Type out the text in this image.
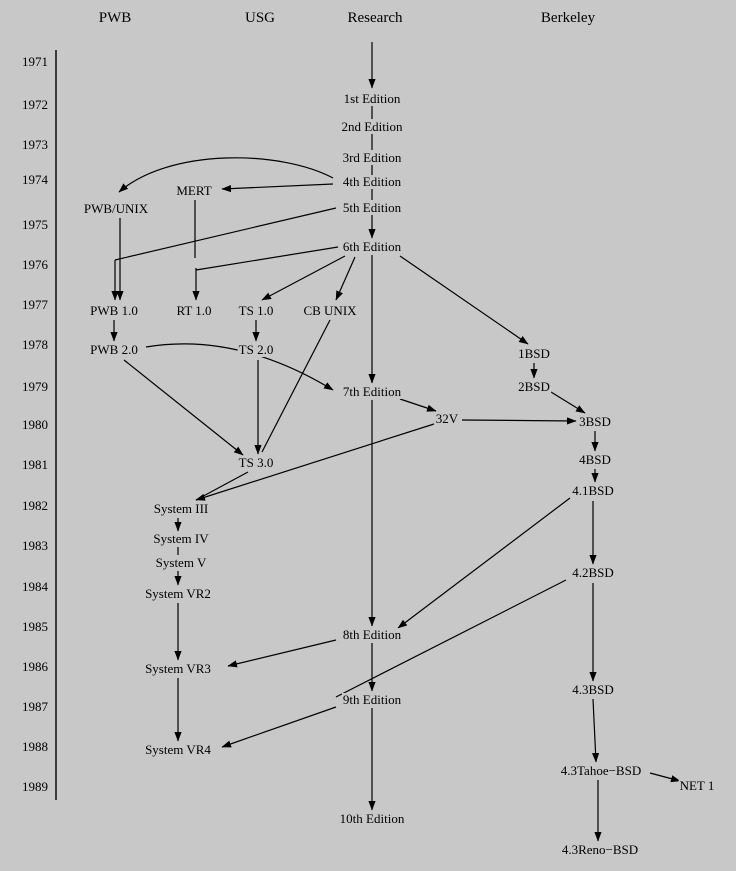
PWB	USG	Research	Berkeley
1971
1972
1973
1974
1975
1976
1977
1978
1979
1980
1981
1982
1983
1984
1985
1986
1987
1988
1989
1st Edition
2nd Edition
3rd Edition
4th Edition
5th Edition
6th Edition
7th Edition
8th Edition
9th Edition
10th Edition
MERT
PWB/UNIX
PWB 1.0	RT 1.0 TS 1.0 CB UNIX
PWB 2.0	TS 2.0
TS 3.0
System III
System IV
System V
System VR2
System VR3
System VR4
1BSD
2BSD
32V	3BSD
4BSD
4.1BSD
4.2BSD
4.3BSD
4.3Tahoe−BSD
NET 1
4.3Reno−BSD
